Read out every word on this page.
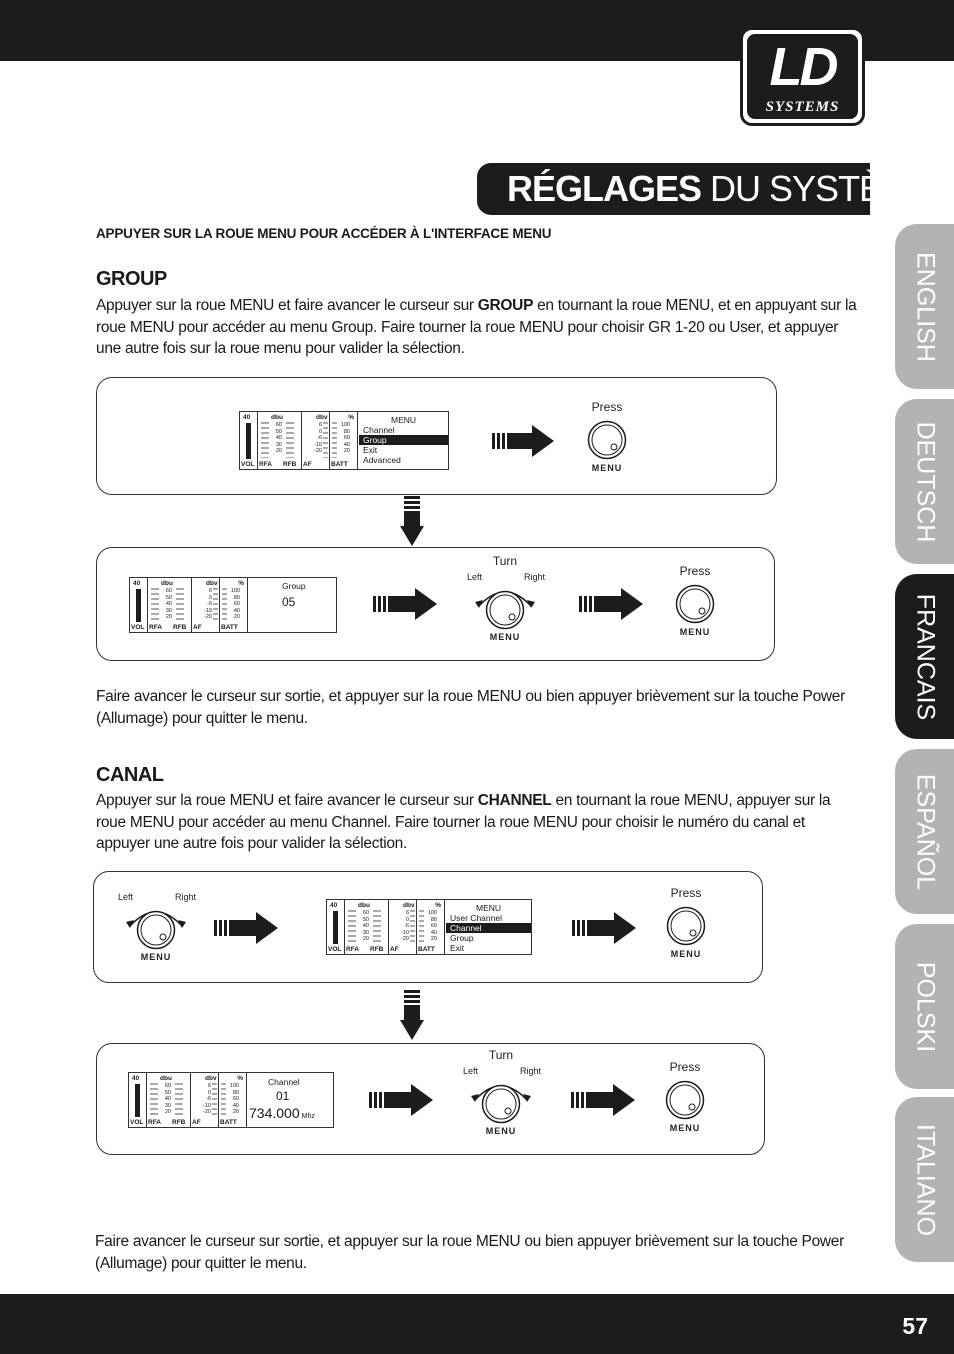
LD
SYSTEMS
RÉGLAGES DU SYSTÈME :
APPUYER SUR LA ROUE MENU POUR ACCÉDER À L'INTERFACE MENU
GROUP
Appuyer sur la roue MENU et faire avancer le curseur sur GROUP en tournant la roue MENU, et en appuyant sur la roue MENU pour accéder au menu Group. Faire tourner la roue MENU pour choisir GR 1-20 ou User, et appuyer une autre fois sur la roue menu pour valider la sélection.
40
VOL
dbu
60
50
40
30
20
RFA RFB
dbv
6
0
-6
-10
-20
AF
%
100
80
60
40
20
BATT
MENU
Channel
Group
Exit
Advanced
Press
MENU
40
VOL
dbu
60
50
40
30
20
RFA RFB
dbv
6
0
-6
-10
-20
AF
%
100
80
60
40
20
BATT
Group
05
Turn
Left	Right
MENU
Press
MENU
Faire avancer le curseur sur sortie, et appuyer sur la roue MENU ou bien appuyer brièvement sur la touche Power (Allumage) pour quitter le menu.
CANAL
Appuyer sur la roue MENU et faire avancer le curseur sur CHANNEL en tournant la roue MENU, appuyer sur la roue MENU pour accéder au menu Channel. Faire tourner la roue MENU pour choisir le numéro du canal et appuyer une autre fois pour valider la sélection.
Left	Right
MENU
40
VOL
dbu
60
50
40
30
20
RFA RFB
dbv
6
0
-6
-10
-20
AF
%
100
80
60
40
20
BATT
MENU
User Channel
Channel
Group
Exit
Press
MENU
40
VOL
dbu
60
50
40
30
20
RFA RFB
dbv
6
0
-6
-10
-20
AF
%
100
80
60
40
20
BATT
Channel
01
734.000 Mhz
Turn
Left	Right
MENU
Press
MENU
Faire avancer le curseur sur sortie, et appuyer sur la roue MENU ou bien appuyer brièvement sur la touche Power (Allumage) pour quitter le menu.
ENGLISH
DEUTSCH
FRANCAIS
ESPAÑOL
POLSKI
ITALIANO
57
